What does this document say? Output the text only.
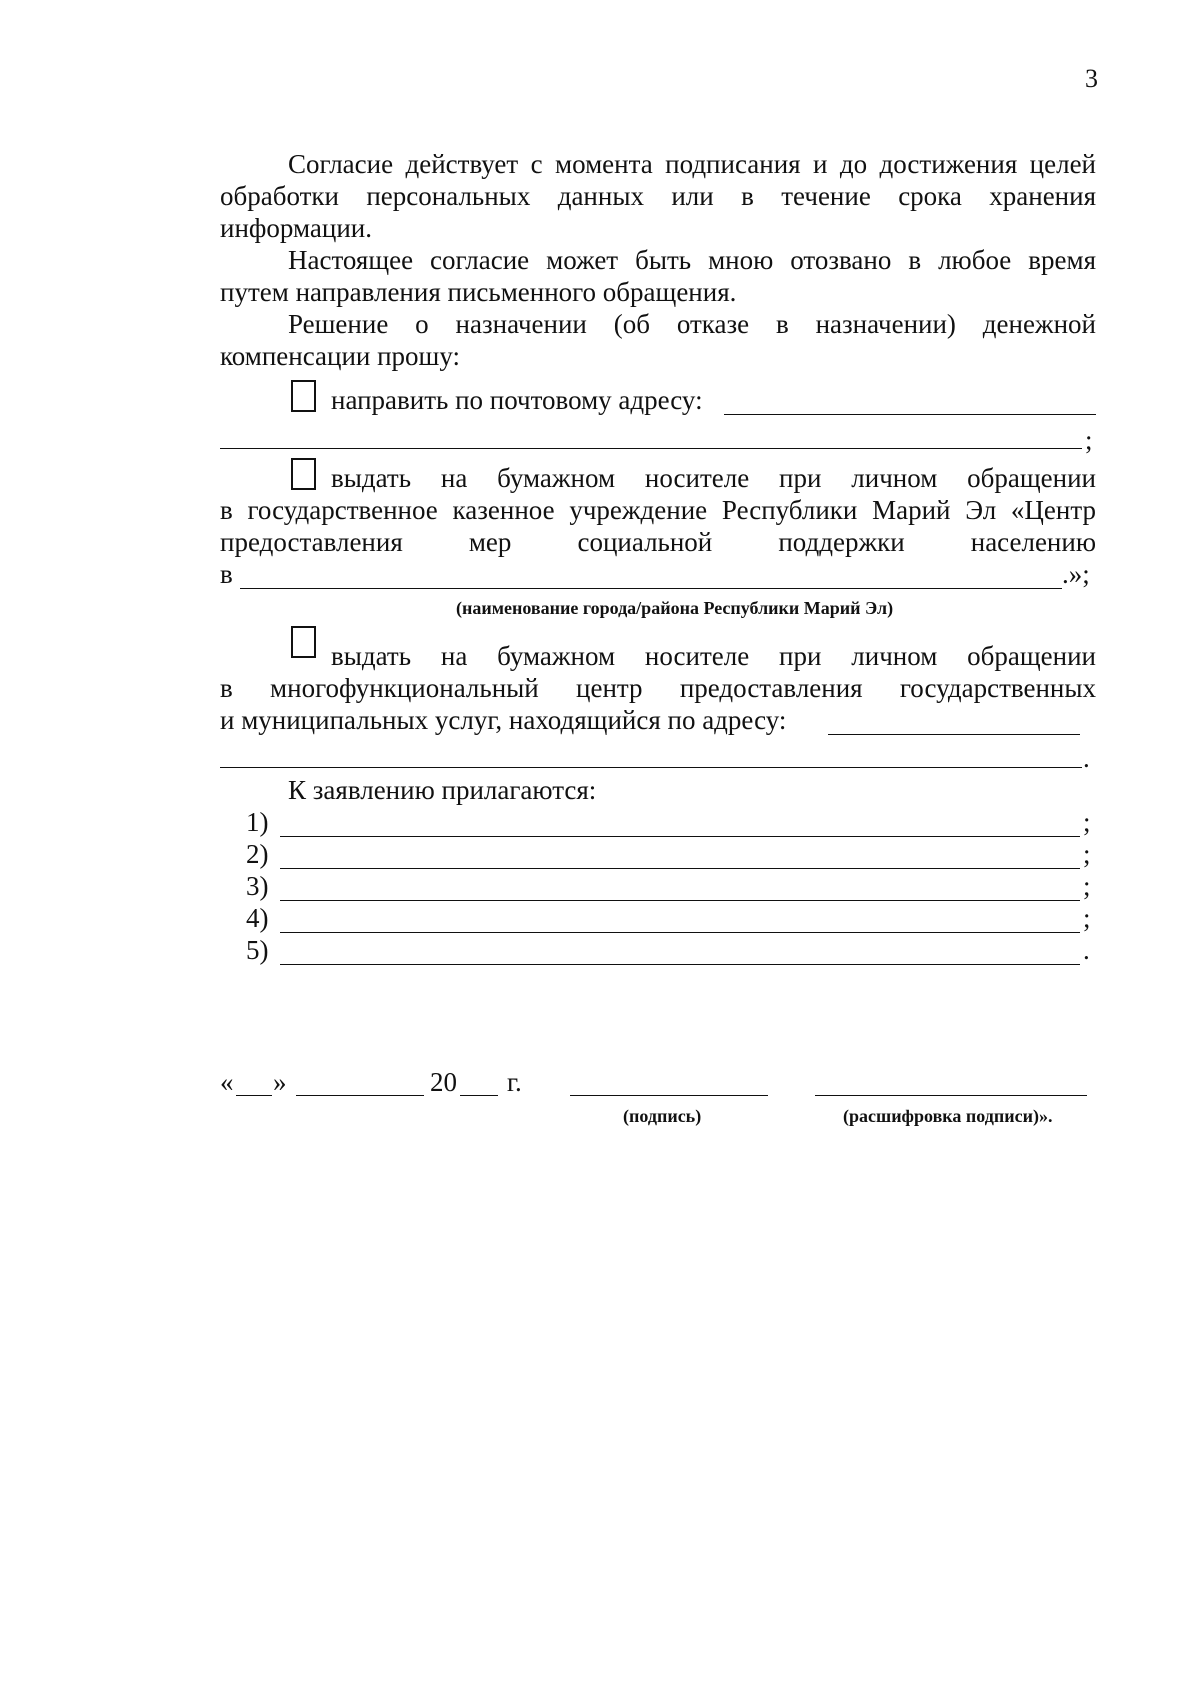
3
Согласие действует с момента подписания и до достижения целей
обработки персональных данных или в течение срока хранения
информации.
Настоящее согласие может быть мною отозвано в любое время
путем направления письменного обращения.
Решение о назначении (об отказе в назначении) денежной
компенсации прошу:
направить по почтовому адресу:
;
выдать на бумажном носителе при личном обращении
в государственное казенное учреждение Республики Марий Эл «Центр
предоставления мер социальной поддержки населению
в	.»;
(наименование города/района Республики Марий Эл)
выдать на бумажном носителе при личном обращении
в многофункциональный центр предоставления государственных
и муниципальных услуг, находящийся по адресу:
.
К заявлению прилагаются:
1)	;
2)	;
3)	;
4)	;
5)	.
« »	20 г.
(подпись)	(расшифровка подписи)».
